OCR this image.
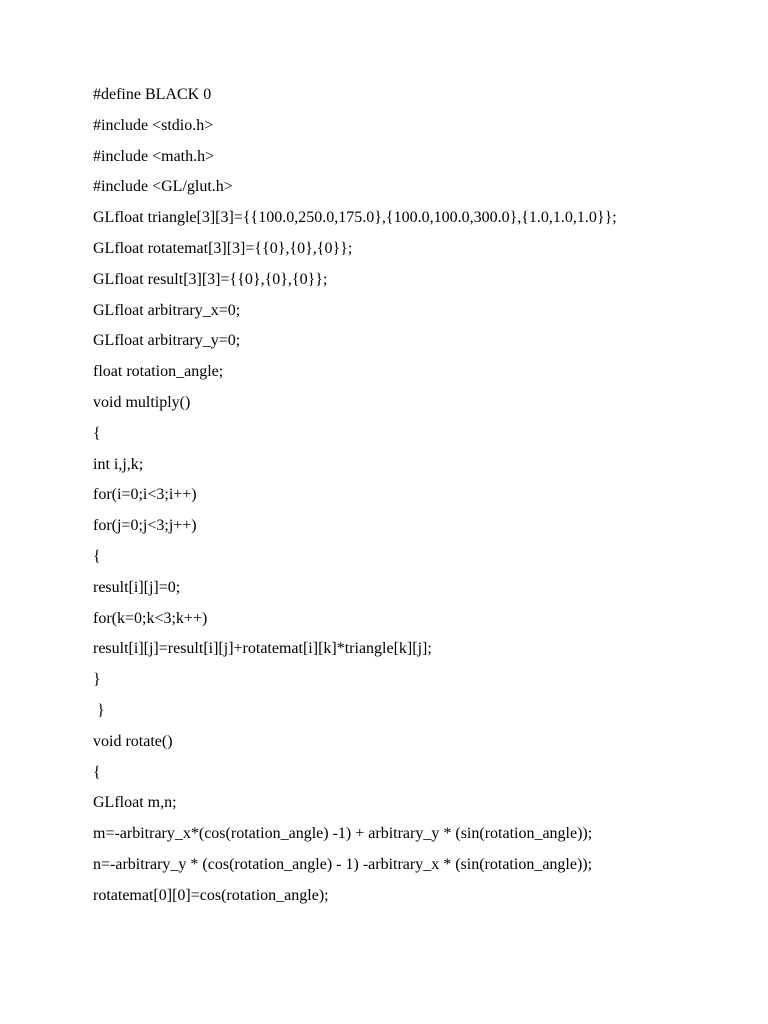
#define BLACK 0
#include <stdio.h>
#include <math.h>
#include <GL/glut.h>
GLfloat triangle[3][3]={{100.0,250.0,175.0},{100.0,100.0,300.0},{1.0,1.0,1.0}};
GLfloat rotatemat[3][3]={{0},{0},{0}};
GLfloat result[3][3]={{0},{0},{0}};
GLfloat arbitrary_x=0;
GLfloat arbitrary_y=0;
float rotation_angle;
void multiply()
{
int i,j,k;
for(i=0;i<3;i++)
for(j=0;j<3;j++)
{
result[i][j]=0;
for(k=0;k<3;k++)
result[i][j]=result[i][j]+rotatemat[i][k]*triangle[k][j];
}
}
void rotate()
{
GLfloat m,n;
m=-arbitrary_x*(cos(rotation_angle) -1) + arbitrary_y * (sin(rotation_angle));
n=-arbitrary_y * (cos(rotation_angle) - 1) -arbitrary_x * (sin(rotation_angle));
rotatemat[0][0]=cos(rotation_angle);
